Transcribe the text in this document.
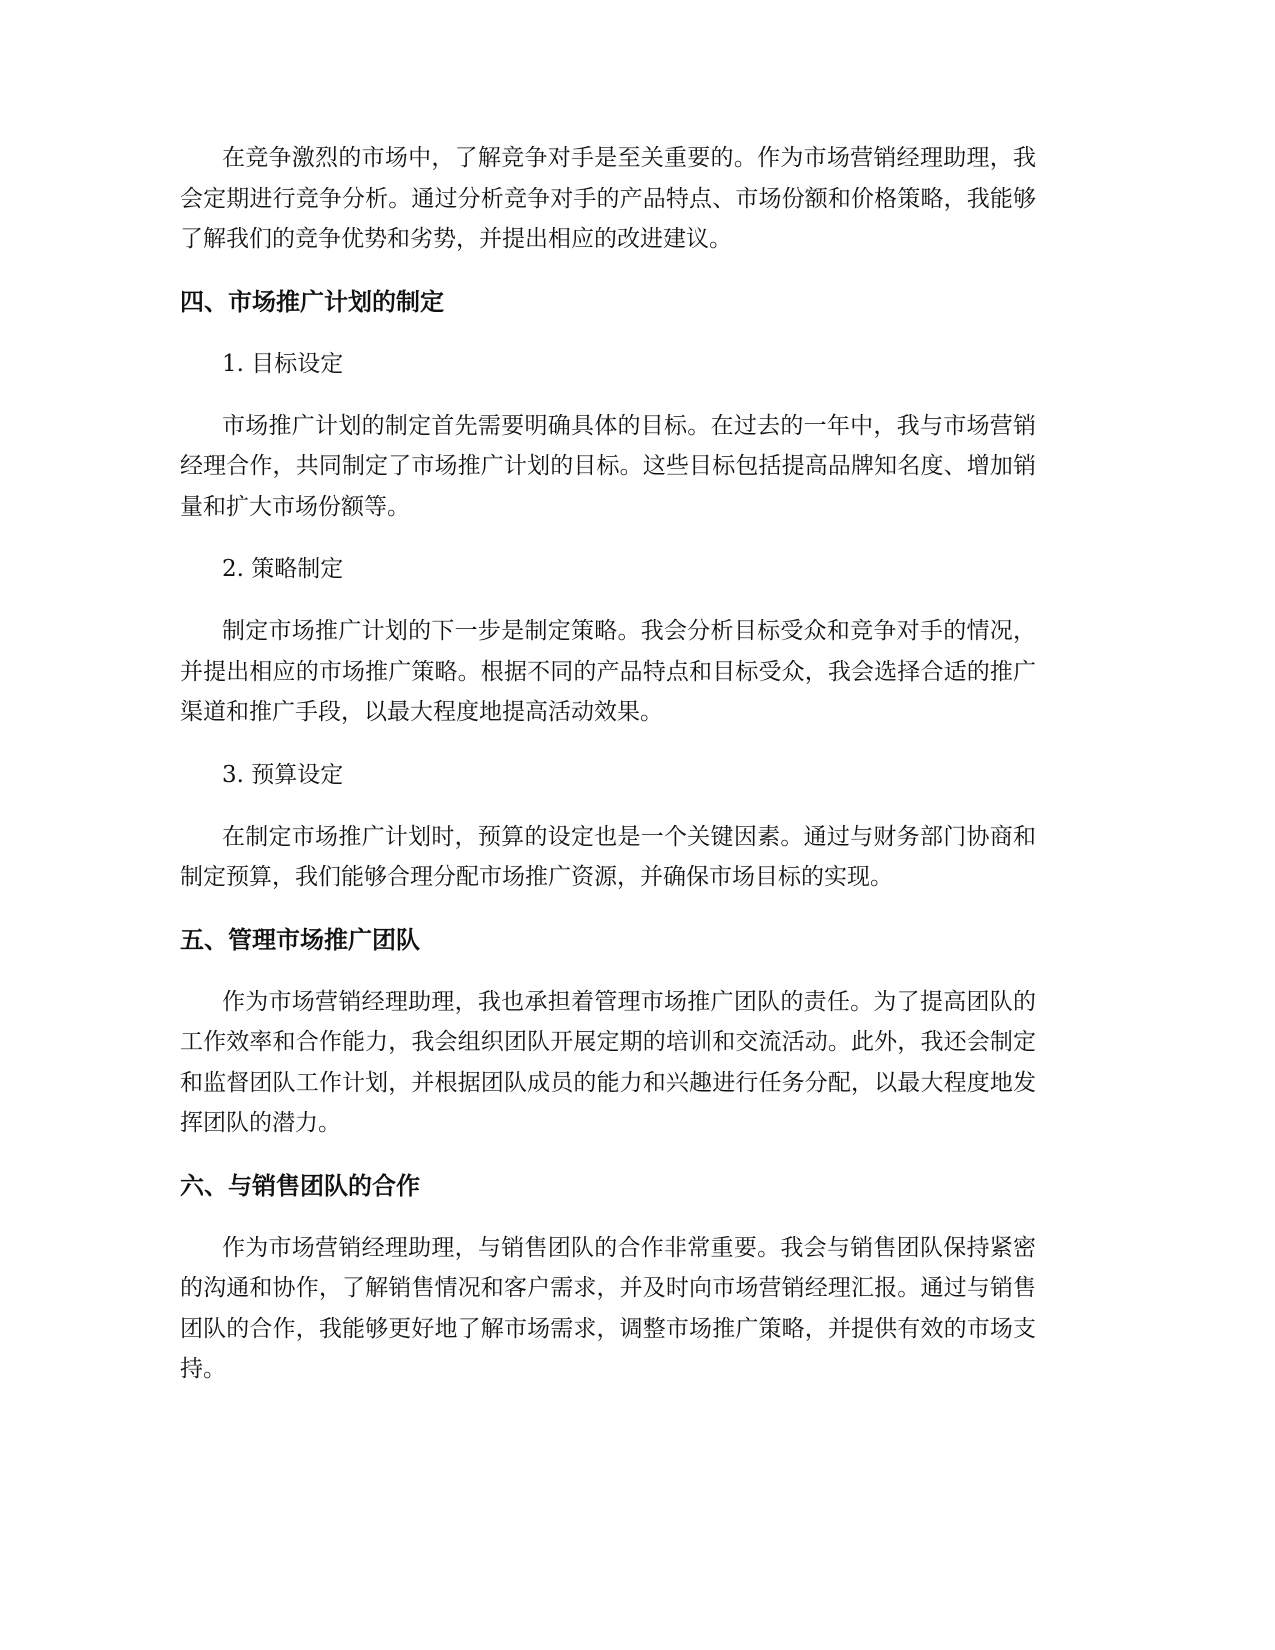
在竞争激烈的市场中，了解竞争对手是至关重要的。作为市场营销经理助理，我会定期进行竞争分析。通过分析竞争对手的产品特点、市场份额和价格策略，我能够了解我们的竞争优势和劣势，并提出相应的改进建议。

四、市场推广计划的制定

1. 目标设定

市场推广计划的制定首先需要明确具体的目标。在过去的一年中，我与市场营销经理合作，共同制定了市场推广计划的目标。这些目标包括提高品牌知名度、增加销量和扩大市场份额等。

2. 策略制定

制定市场推广计划的下一步是制定策略。我会分析目标受众和竞争对手的情况，并提出相应的市场推广策略。根据不同的产品特点和目标受众，我会选择合适的推广渠道和推广手段，以最大程度地提高活动效果。

3. 预算设定

在制定市场推广计划时，预算的设定也是一个关键因素。通过与财务部门协商和制定预算，我们能够合理分配市场推广资源，并确保市场目标的实现。

五、管理市场推广团队

作为市场营销经理助理，我也承担着管理市场推广团队的责任。为了提高团队的工作效率和合作能力，我会组织团队开展定期的培训和交流活动。此外，我还会制定和监督团队工作计划，并根据团队成员的能力和兴趣进行任务分配，以最大程度地发挥团队的潜力。

六、与销售团队的合作

作为市场营销经理助理，与销售团队的合作非常重要。我会与销售团队保持紧密的沟通和协作，了解销售情况和客户需求，并及时向市场营销经理汇报。通过与销售团队的合作，我能够更好地了解市场需求，调整市场推广策略，并提供有效的市场支持。
